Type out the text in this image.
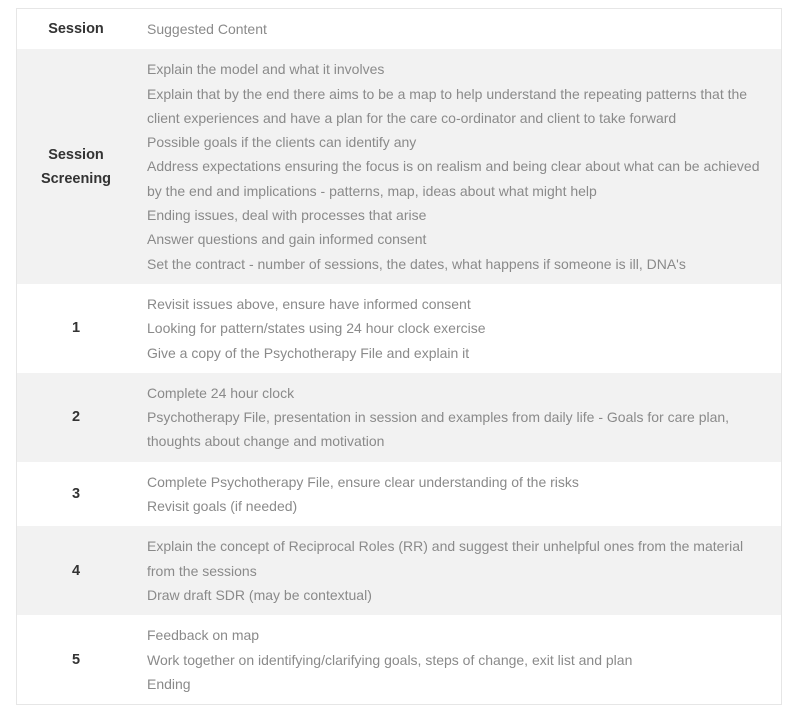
Session	Suggested Content
Session
Screening
Explain the model and what it involves
Explain that by the end there aims to be a map to help understand the repeating patterns that the client experiences and have a plan for the care co-ordinator and client to take forward
Possible goals if the clients can identify any
Address expectations ensuring the focus is on realism and being clear about what can be achieved by the end and implications - patterns, map, ideas about what might help
Ending issues, deal with processes that arise
Answer questions and gain informed consent
Set the contract - number of sessions, the dates, what happens if someone is ill, DNA's
1
Revisit issues above, ensure have informed consent
Looking for pattern/states using 24 hour clock exercise
Give a copy of the Psychotherapy File and explain it
2
Complete 24 hour clock
Psychotherapy File, presentation in session and examples from daily life - Goals for care plan, thoughts about change and motivation
3
Complete Psychotherapy File, ensure clear understanding of the risks
Revisit goals (if needed)
4
Explain the concept of Reciprocal Roles (RR) and suggest their unhelpful ones from the material from the sessions
Draw draft SDR (may be contextual)
5
Feedback on map
Work together on identifying/clarifying goals, steps of change, exit list and plan
Ending
